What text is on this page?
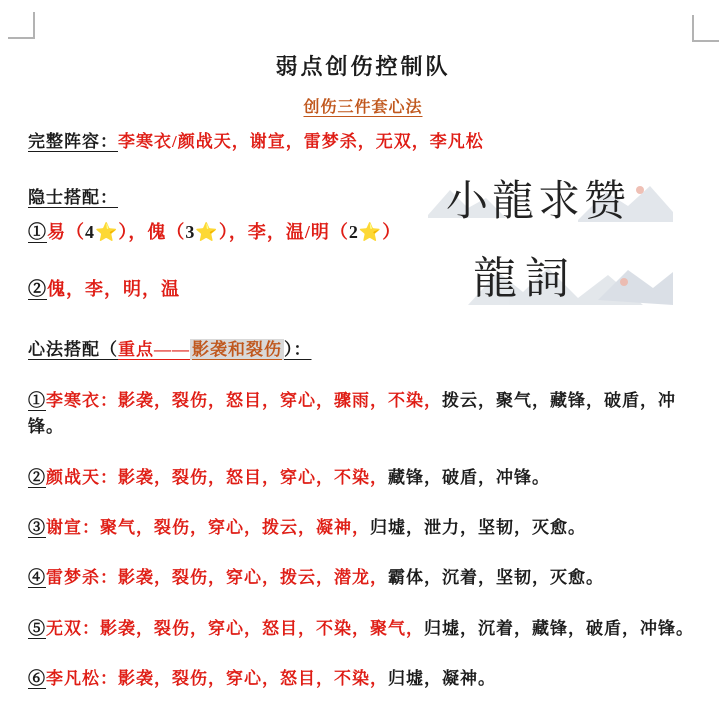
小龍求赞
龍詞
弱点创伤控制队
创伤三件套心法
完整阵容：李寒衣/颜战天，谢宣，雷梦杀，无双，李凡松
隐士搭配：
①易（4⭐），傀（3⭐），李，温/明（2⭐）
②傀，李，明，温
心法搭配（重点—— 影袭和裂伤 ）：
①李寒衣：影袭，裂伤，怒目，穿心，骤雨，不染，拨云，聚气，藏锋，破盾，冲锋。
②颜战天：影袭，裂伤，怒目，穿心，不染，藏锋，破盾，冲锋。
③谢宣：聚气，裂伤，穿心，拨云，凝神，归墟，泄力，坚韧，灭愈。
④雷梦杀：影袭，裂伤，穿心，拨云，潜龙，霸体，沉着，坚韧，灭愈。
⑤无双：影袭，裂伤，穿心，怒目，不染，聚气，归墟，沉着，藏锋，破盾，冲锋。
⑥李凡松：影袭，裂伤，穿心，怒目，不染，归墟，凝神。
